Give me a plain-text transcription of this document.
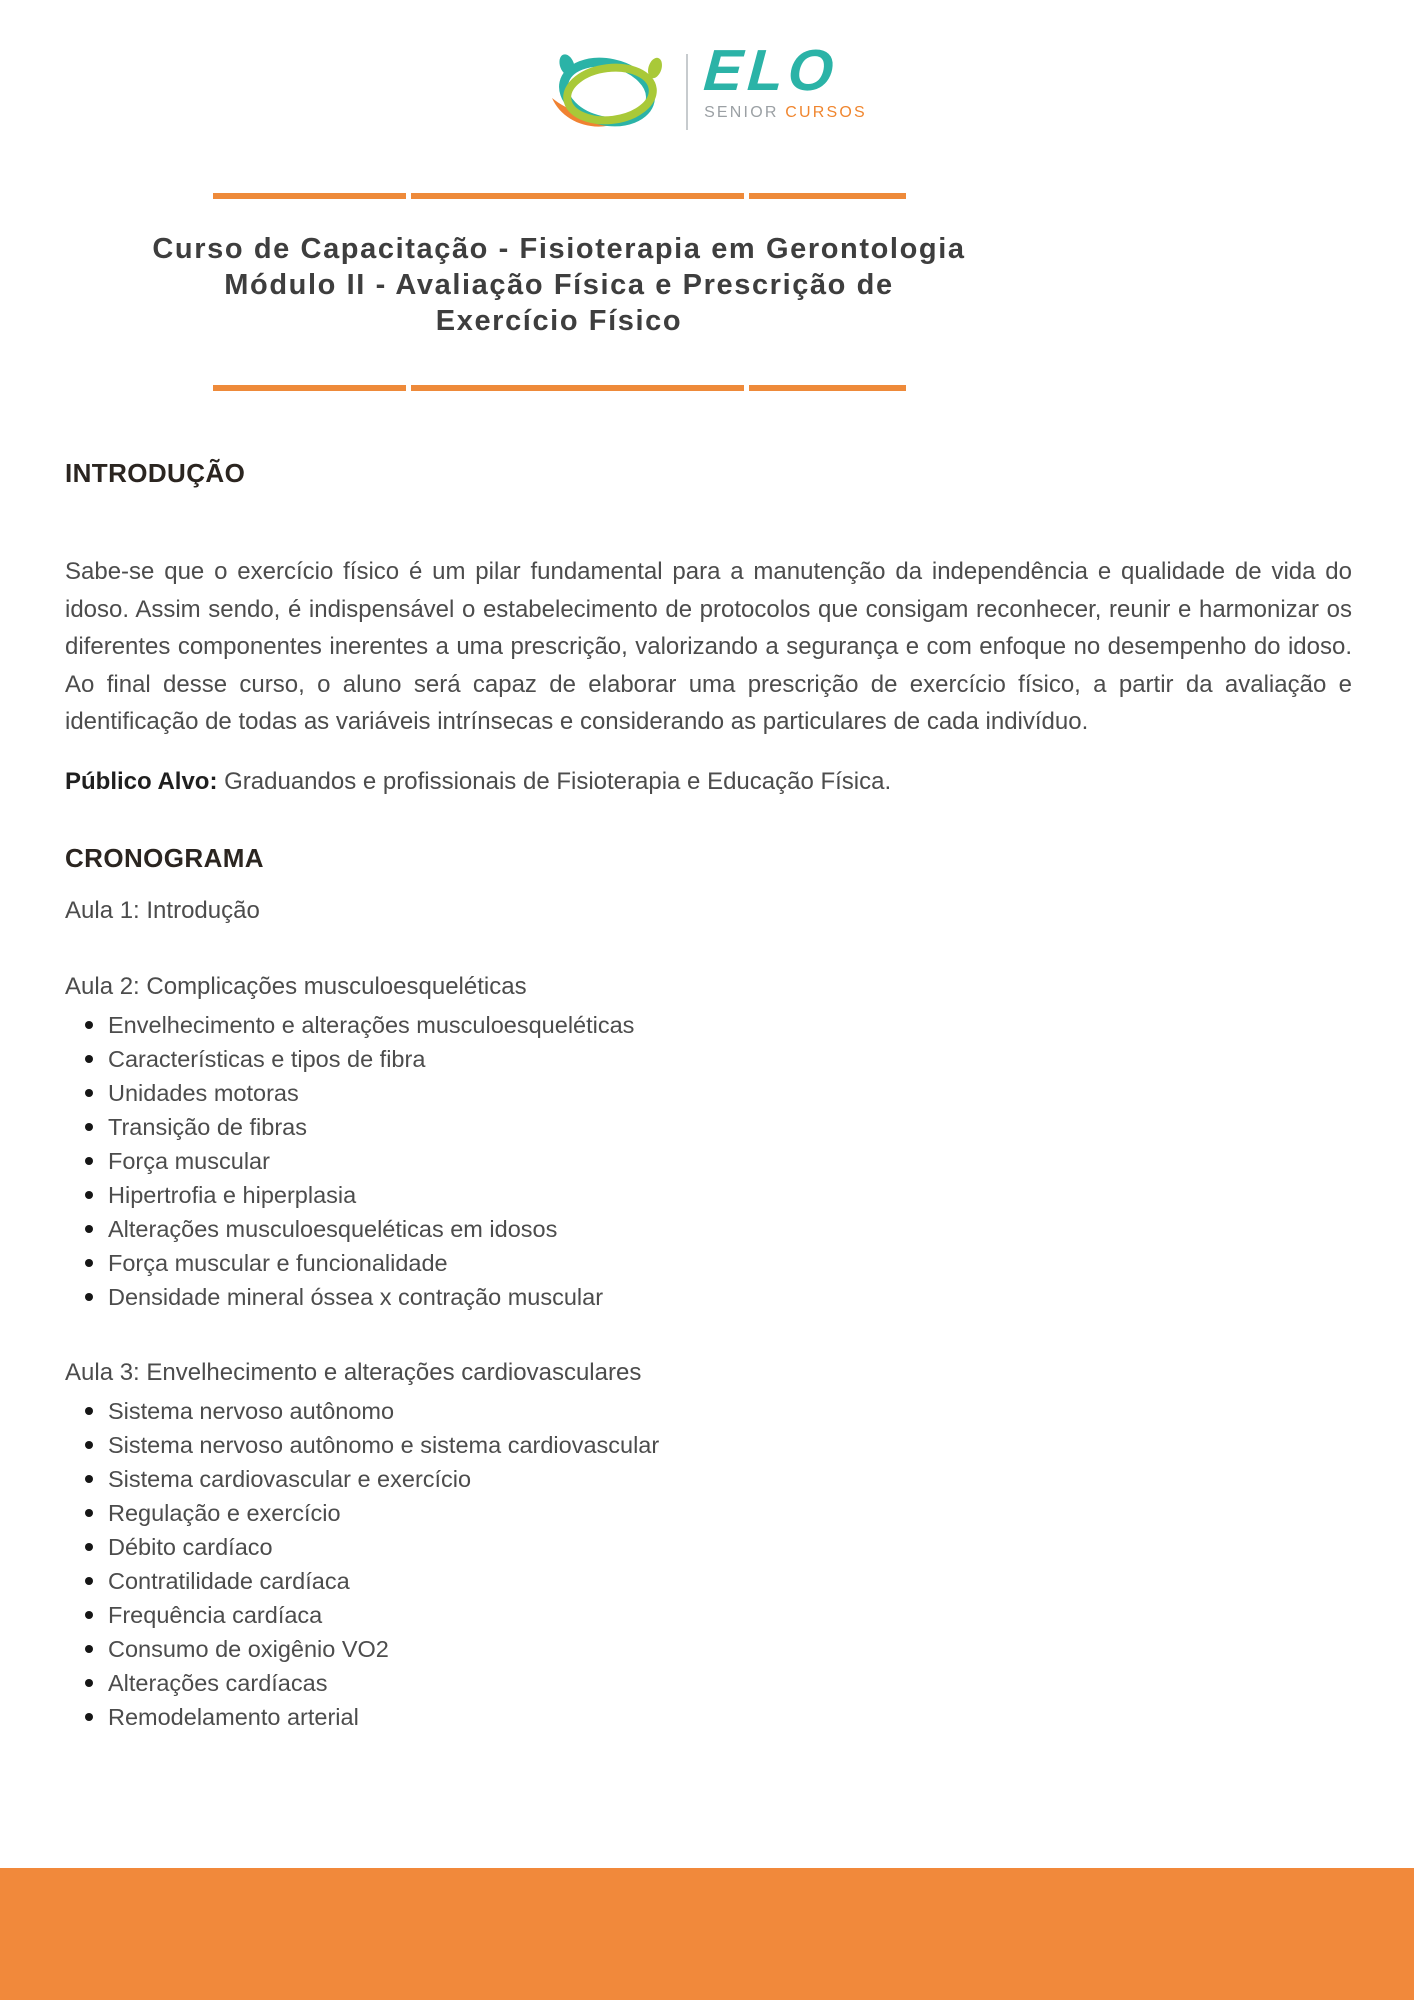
ELO
SENIOR CURSOS
Curso de Capacitação - Fisioterapia em Gerontologia
Módulo II - Avaliação Física e Prescrição de
Exercício Físico
INTRODUÇÃO

Sabe-se que o exercício físico é um pilar fundamental para a manutenção da independência e qualidade de vida do idoso. Assim sendo, é indispensável o estabelecimento de protocolos que consigam reconhecer, reunir e harmonizar os diferentes componentes inerentes a uma prescrição, valorizando a segurança e com enfoque no desempenho do idoso. Ao final desse curso, o aluno será capaz de elaborar uma prescrição de exercício físico, a partir da avaliação e identificação de todas as variáveis intrínsecas e considerando as particulares de cada indivíduo.

Público Alvo: Graduandos e profissionais de Fisioterapia e Educação Física.

CRONOGRAMA
Aula 1: Introdução
Aula 2: Complicações musculoesqueléticas
Envelhecimento e alterações musculoesqueléticas
Características e tipos de fibra
Unidades motoras
Transição de fibras
Força muscular
Hipertrofia e hiperplasia
Alterações musculoesqueléticas em idosos
Força muscular e funcionalidade
Densidade mineral óssea x contração muscular
Aula 3: Envelhecimento e alterações cardiovasculares
Sistema nervoso autônomo
Sistema nervoso autônomo e sistema cardiovascular
Sistema cardiovascular e exercício
Regulação e exercício
Débito cardíaco
Contratilidade cardíaca
Frequência cardíaca
Consumo de oxigênio VO2
Alterações cardíacas
Remodelamento arterial
